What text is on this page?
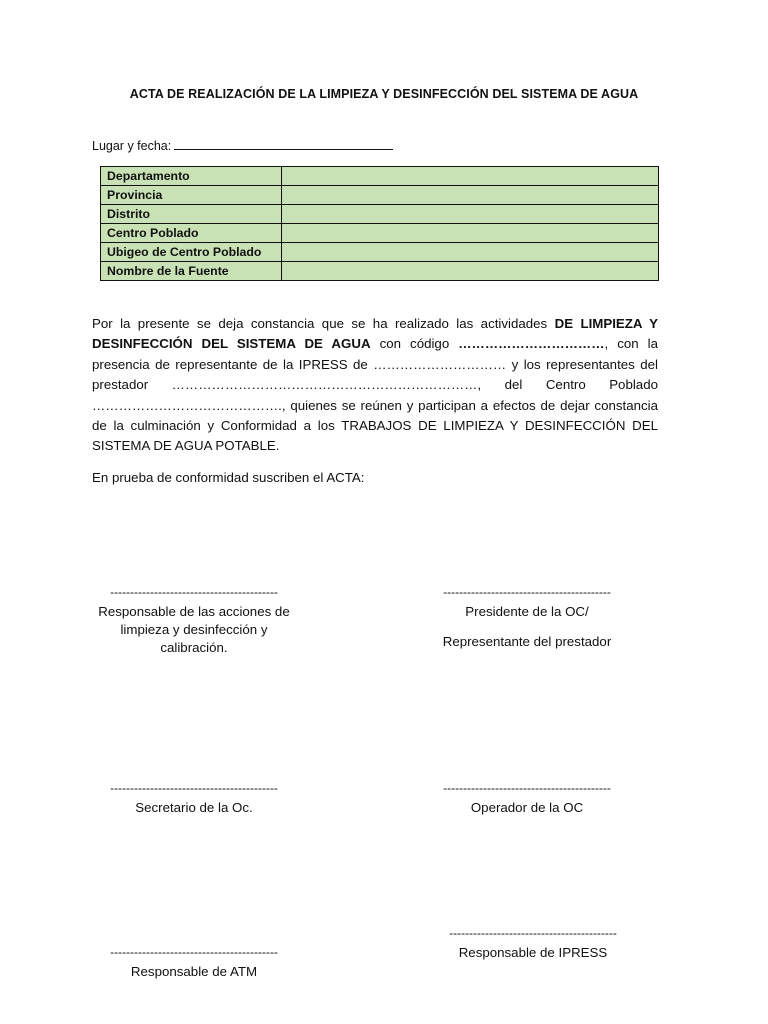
ACTA DE REALIZACIÓN DE LA LIMPIEZA Y DESINFECCIÓN DEL SISTEMA DE AGUA
Lugar y fecha:
Departamento	
Provincia	
Distrito	
Centro Poblado	
Ubigeo de Centro Poblado	
Nombre de la Fuente	
Por la presente se deja constancia que se ha realizado las actividades DE LIMPIEZA Y DESINFECCIÓN DEL SISTEMA DE AGUA con código ……………………………, con la presencia de representante de la IPRESS de ………………………… y los representantes del prestador ……………………………………………………………, del Centro Poblado ……………………………………., quienes se reúnen y participan a efectos de dejar constancia de la culminación y Conformidad a los TRABAJOS DE LIMPIEZA Y DESINFECCIÓN DEL SISTEMA DE AGUA POTABLE.
En prueba de conformidad suscriben el ACTA:
------------------------------------------
Responsable de las acciones de
limpieza y desinfección y
calibración.
------------------------------------------
Presidente de la OC/
Representante del prestador
------------------------------------------
Secretario de la Oc.
------------------------------------------
Operador de la OC
------------------------------------------
Responsable de IPRESS
------------------------------------------
Responsable de ATM
